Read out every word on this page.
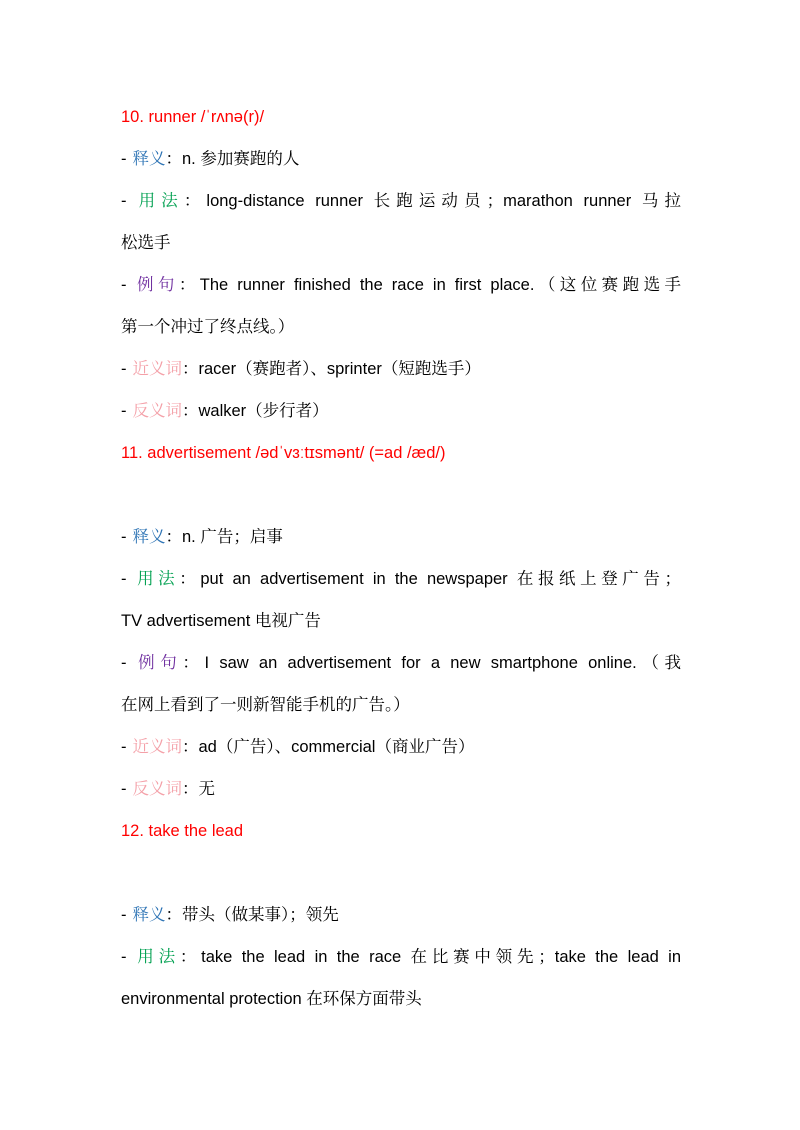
10. runner /ˈrʌnə(r)/
- 释义：n. 参加赛跑的人
- 用法：long-distance runner 长跑运动员；marathon runner 马拉
松选手
- 例句：The runner finished the race in first place.（这位赛跑选手
第一个冲过了终点线。）
- 近义词：racer（赛跑者）、sprinter（短跑选手）
- 反义词：walker（步行者）
11. advertisement /ədˈvɜːtɪsmənt/ (=ad /æd/)
- 释义：n. 广告；启事
- 用法：put an advertisement in the newspaper 在报纸上登广告；
TV advertisement 电视广告
- 例句：I saw an advertisement for a new smartphone online.（我
在网上看到了一则新智能手机的广告。）
- 近义词：ad（广告）、commercial（商业广告）
- 反义词：无
12. take the lead
- 释义：带头（做某事）；领先
- 用法：take the lead in the race 在比赛中领先；take the lead in
environmental protection 在环保方面带头
